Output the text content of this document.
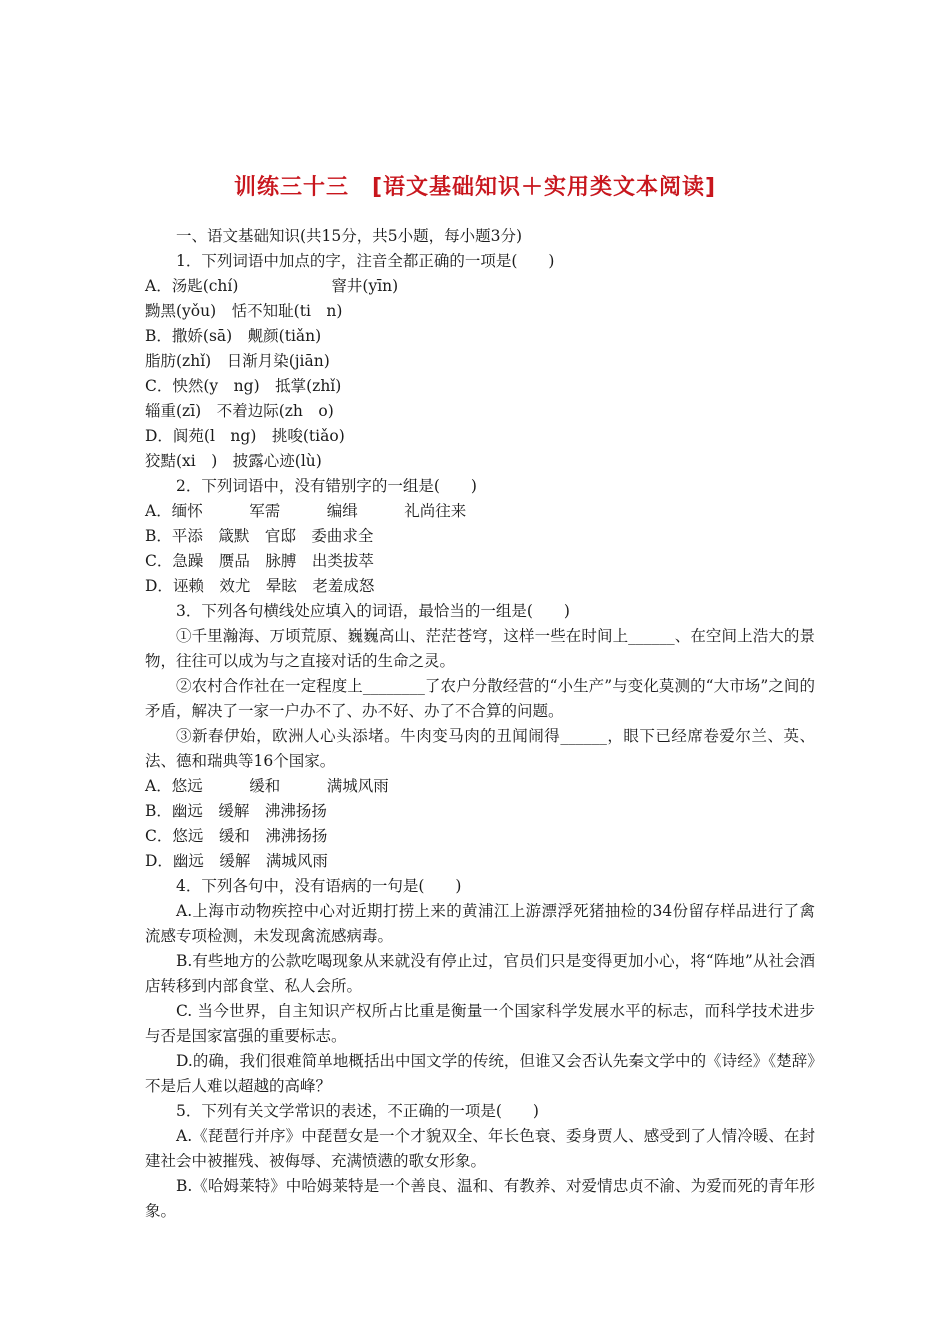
训练三十三　[语文基础知识＋实用类文本阅读]
一、语文基础知识(共15分，共5小题，每小题3分)
1．下列词语中加点的字，注音全都正确的一项是(　　)
A．汤匙(chí)　　　　　　窨井(yīn)
黝黑(yǒu)　恬不知耻(ti　n)
B．撒娇(sā)　觍颜(tiǎn)
脂肪(zhǐ)　日渐月染(jiān)
C．怏然(y　ng)　抵掌(zhǐ)
辎重(zī)　不着边际(zh　o)
D．阆苑(l　ng)　挑唆(tiǎo)
狡黠(xi　)　披露心迹(lù)
2．下列词语中，没有错别字的一组是(　　)
A．缅怀　　　军需　　　编缉　　　礼尚往来
B．平添　箴默　官邸　委曲求全
C．急躁　赝品　脉膊　出类拔萃
D．诬赖　效尤　晕眩　老羞成怒
3．下列各句横线处应填入的词语，最恰当的一组是(　　)
①千里瀚海、万顷荒原、巍巍高山、茫茫苍穹，这样一些在时间上______、在空间上浩大的景物，往往可以成为与之直接对话的生命之灵。
②农村合作社在一定程度上________了农户分散经营的“小生产”与变化莫测的“大市场”之间的矛盾，解决了一家一户办不了、办不好、办了不合算的问题。
③新春伊始，欧洲人心头添堵。牛肉变马肉的丑闻闹得______，眼下已经席卷爱尔兰、英、法、德和瑞典等16个国家。
A．悠远　　　缓和　　　满城风雨
B．幽远　缓解　沸沸扬扬
C．悠远　缓和　沸沸扬扬
D．幽远　缓解　满城风雨
4．下列各句中，没有语病的一句是(　　)
A.上海市动物疾控中心对近期打捞上来的黄浦江上游漂浮死猪抽检的34份留存样品进行了禽流感专项检测，未发现禽流感病毒。
B.有些地方的公款吃喝现象从来就没有停止过，官员们只是变得更加小心，将“阵地”从社会酒店转移到内部食堂、私人会所。
C. 当今世界，自主知识产权所占比重是衡量一个国家科学发展水平的标志，而科学技术进步与否是国家富强的重要标志。
D.的确，我们很难简单地概括出中国文学的传统，但谁又会否认先秦文学中的《诗经》《楚辞》不是后人难以超越的高峰？
5．下列有关文学常识的表述，不正确的一项是(　　)
A.《琵琶行并序》中琵琶女是一个才貌双全、年长色衰、委身贾人、感受到了人情冷暖、在封建社会中被摧残、被侮辱、充满愤懑的歌女形象。
B.《哈姆莱特》中哈姆莱特是一个善良、温和、有教养、对爱情忠贞不渝、为爱而死的青年形象。
